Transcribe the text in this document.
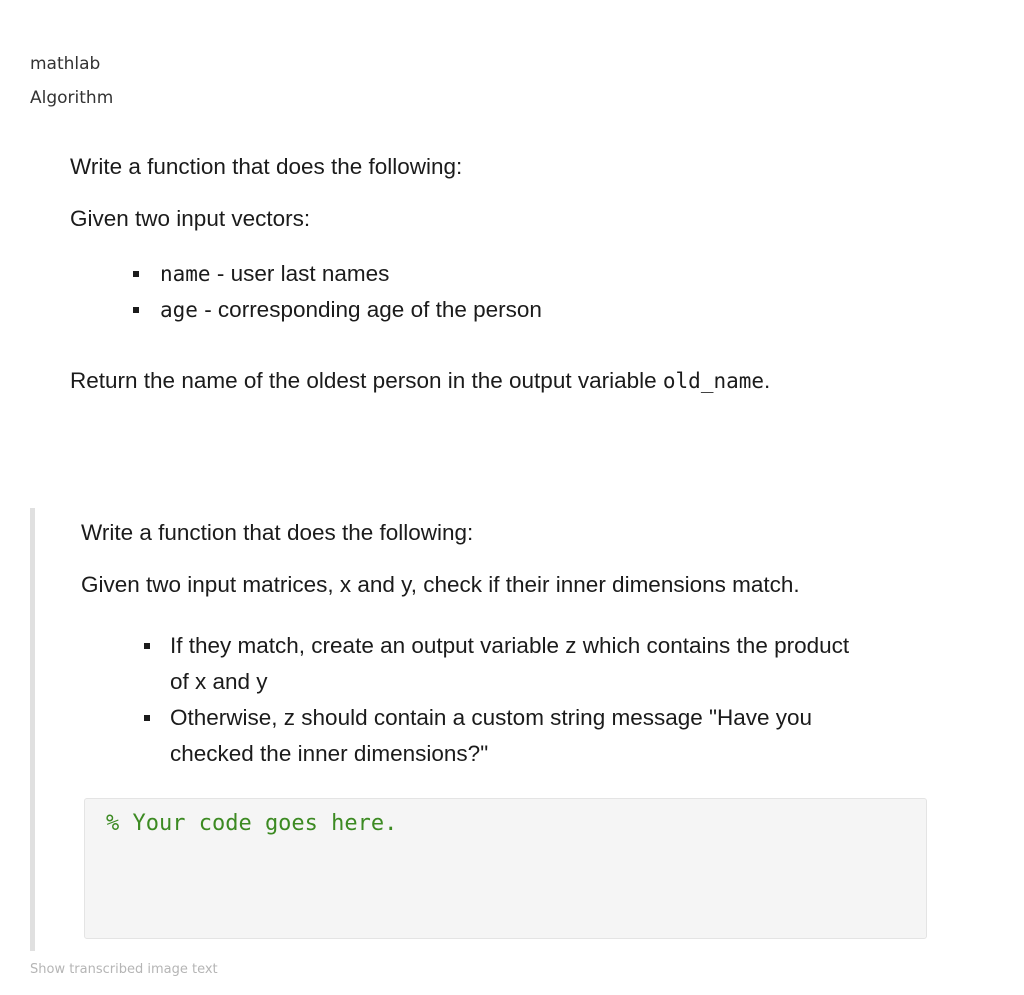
mathlab
Algorithm

Write a function that does the following:

Given two input vectors:

name - user last names
age - corresponding age of the person

Return the name of the oldest person in the output variable old_name.

Write a function that does the following:

Given two input matrices, x and y, check if their inner dimensions match.

If they match, create an output variable z which contains the product of x and y
Otherwise, z should contain a custom string message "Have you checked the inner dimensions?"
% Your code goes here.
Show transcribed image text
